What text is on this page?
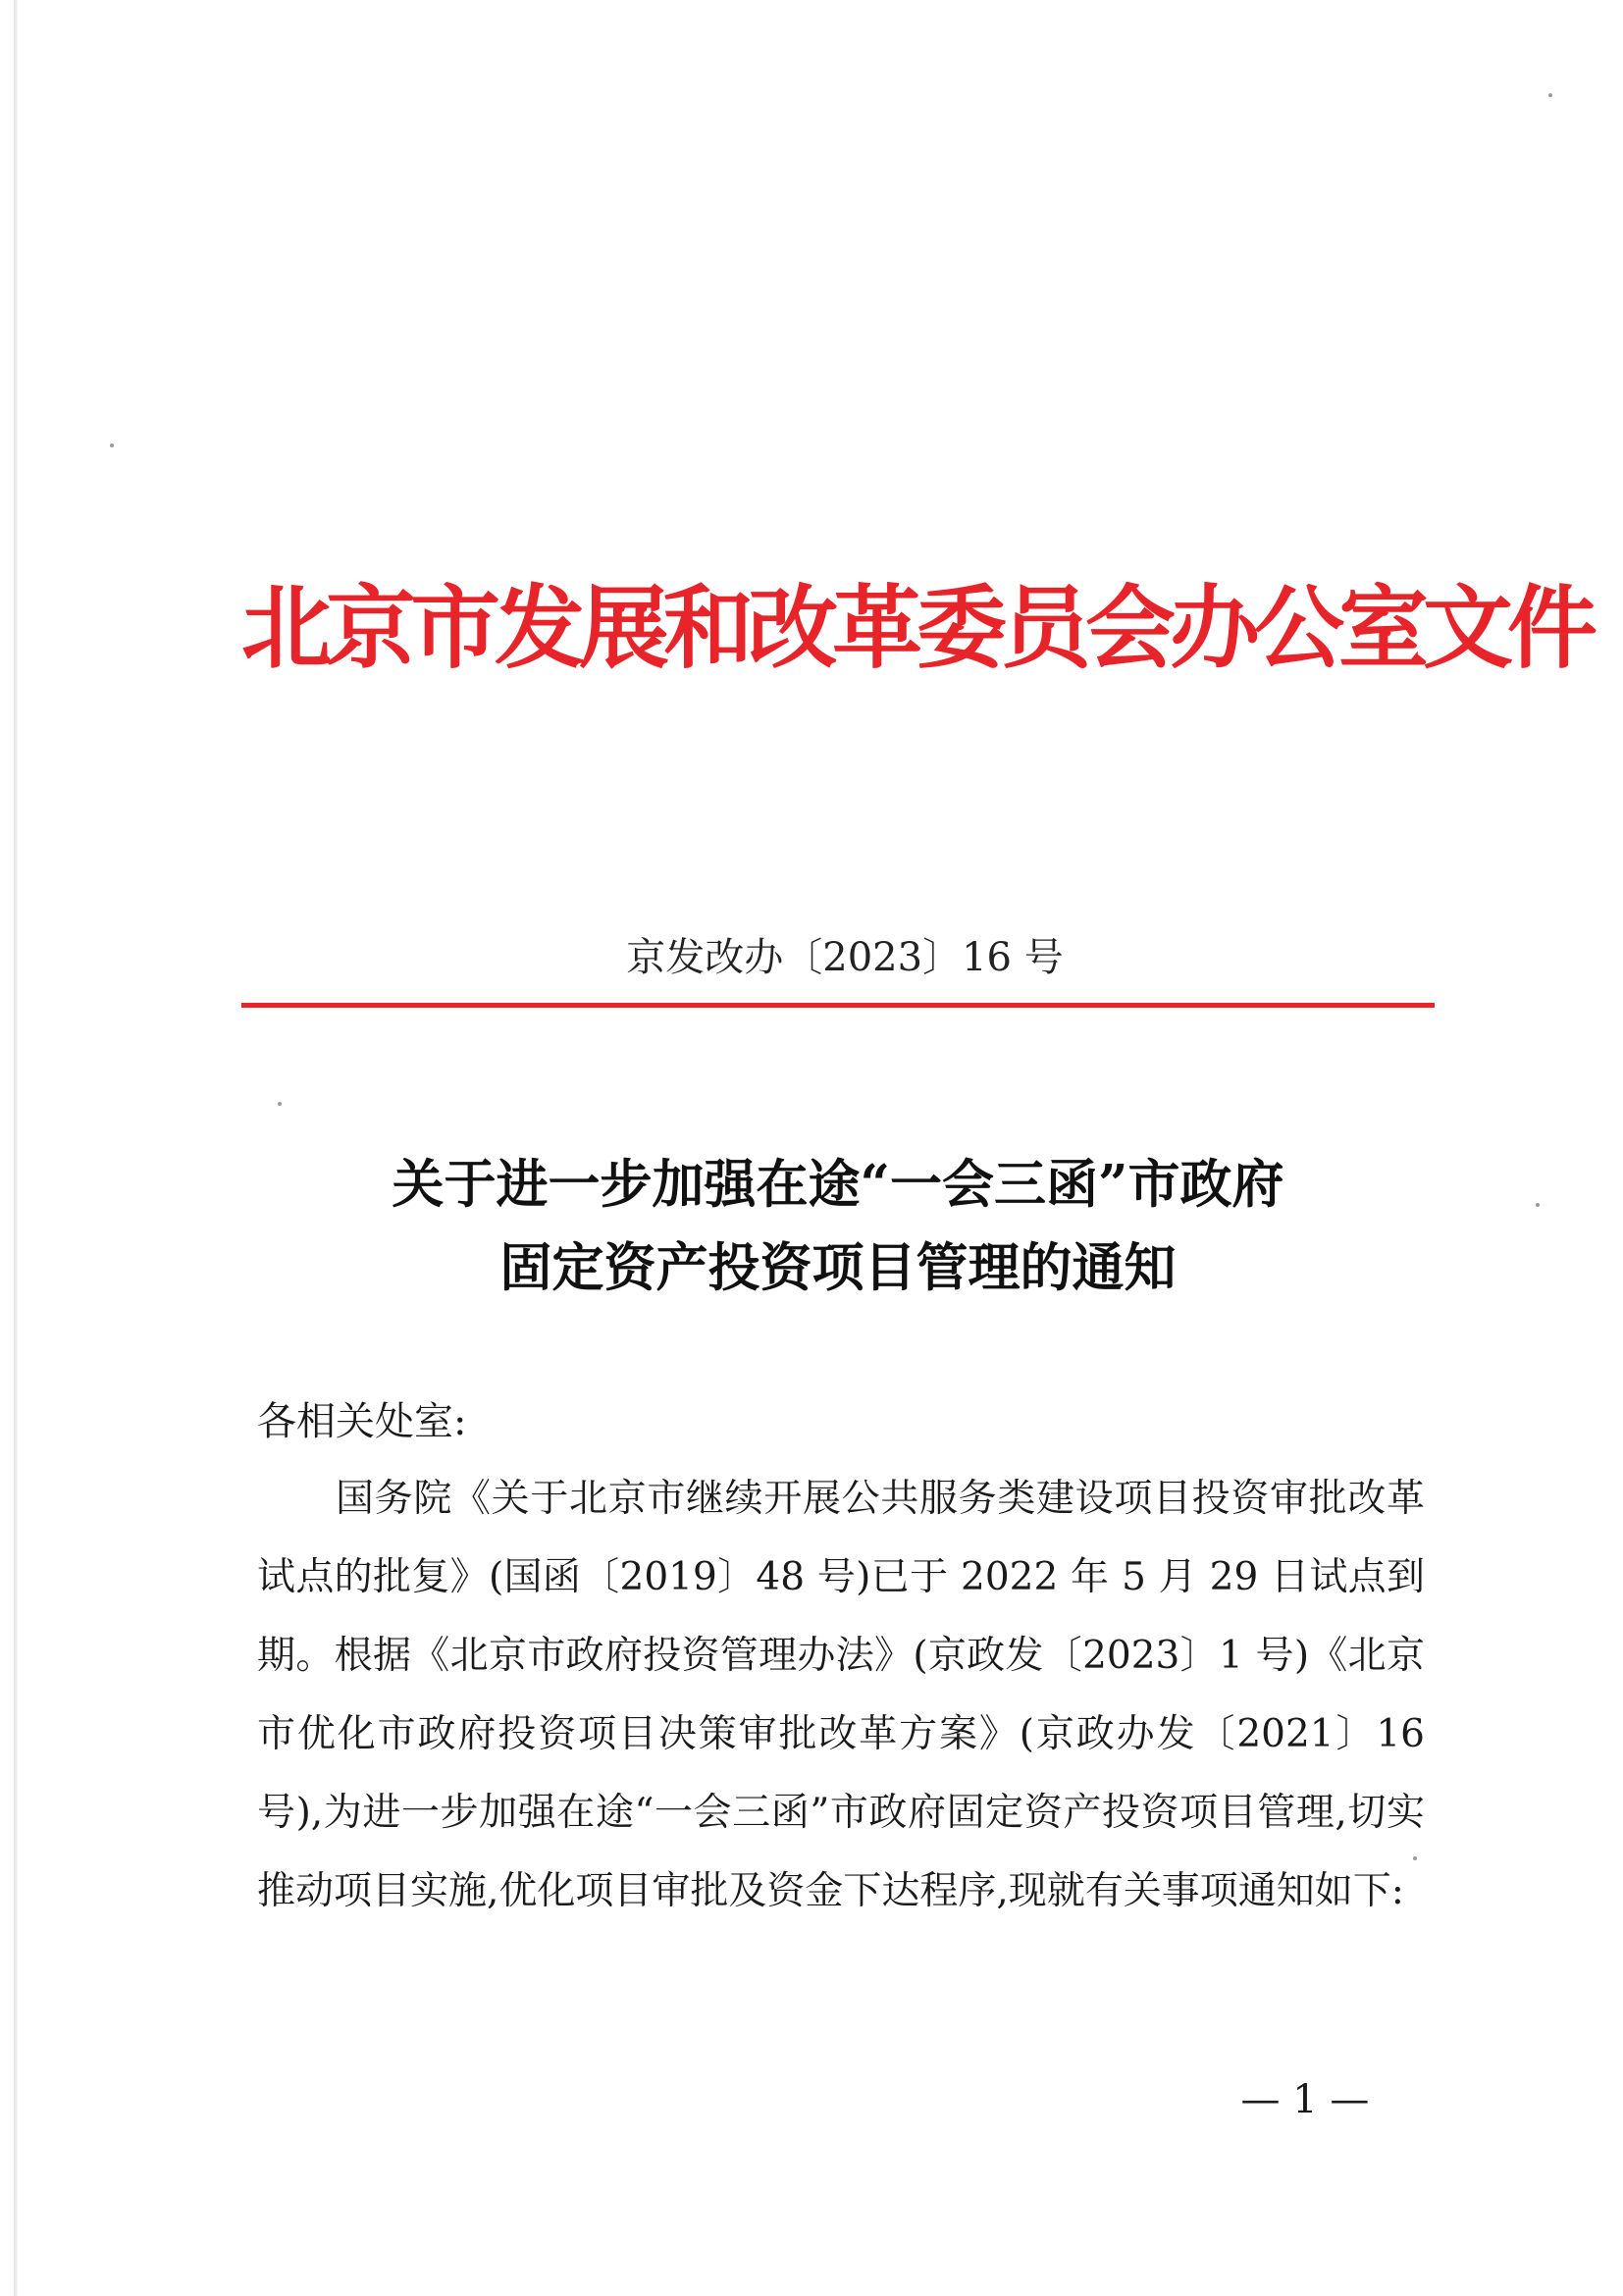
北京市发展和改革委员会办公室文件
京发改办〔2023〕16 号
关于进一步加强在途“一会三函”市政府
固定资产投资项目管理的通知
各相关处室:

国务院《关于北京市继续开展公共服务类建设项目投资审批改革试点的批复》(国函〔2019〕48 号)已于 2022 年 5 月 29 日试点到期。根据《北京市政府投资管理办法》(京政发〔2023〕1 号)《北京市优化市政府投资项目决策审批改革方案》(京政办发〔2021〕16 号),为进一步加强在途“一会三函”市政府固定资产投资项目管理,切实推动项目实施,优化项目审批及资金下达程序,现就有关事项通知如下:

— 1 —
